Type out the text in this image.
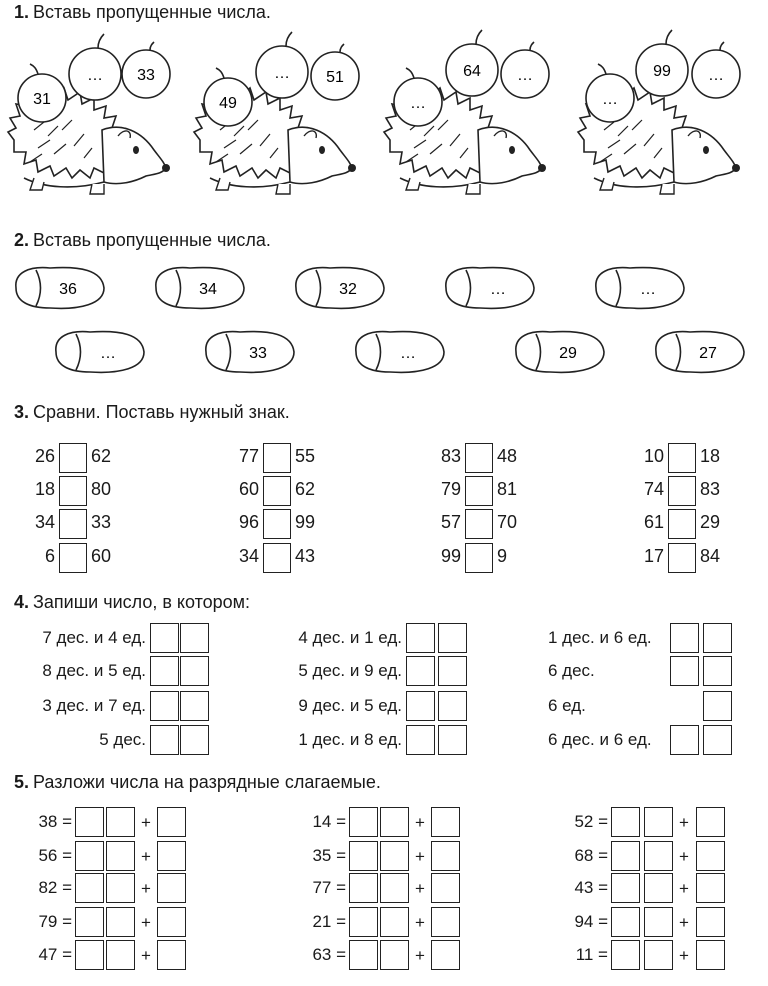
1. Вставь пропущенные числа.
31
… 33
49
… 51
…
64 …
…
99 …
36	34	32	…	…
…	33	…	29	27
2. Вставь пропущенные числа.
3. Сравни. Поставь нужный знак.
26 62
18 80
34 33
6 60
77 55
60 62
96 99
34 43
83 48
79 81
57 70
99 9
10 18
74 83
61 29
17 84
4. Запиши число, в котором:
7 дес. и 4 ед.
8 дес. и 5 ед.
3 дес. и 7 ед.
5 дес.
4 дес. и 1 ед.
5 дес. и 9 ед.
9 дес. и 5 ед.
1 дес. и 8 ед.
1 дес. и 6 ед.
6 дес.
6 ед.
6 дес. и 6 ед.
5. Разложи числа на разрядные слагаемые.
38 =	+
56 =	+
82 =	+
79 =	+
47 =	+
14 =	+
35 =	+
77 =	+
21 =	+
63 =	+
52 =	+
68 =	+
43 =	+
94 =	+
11 =	+
